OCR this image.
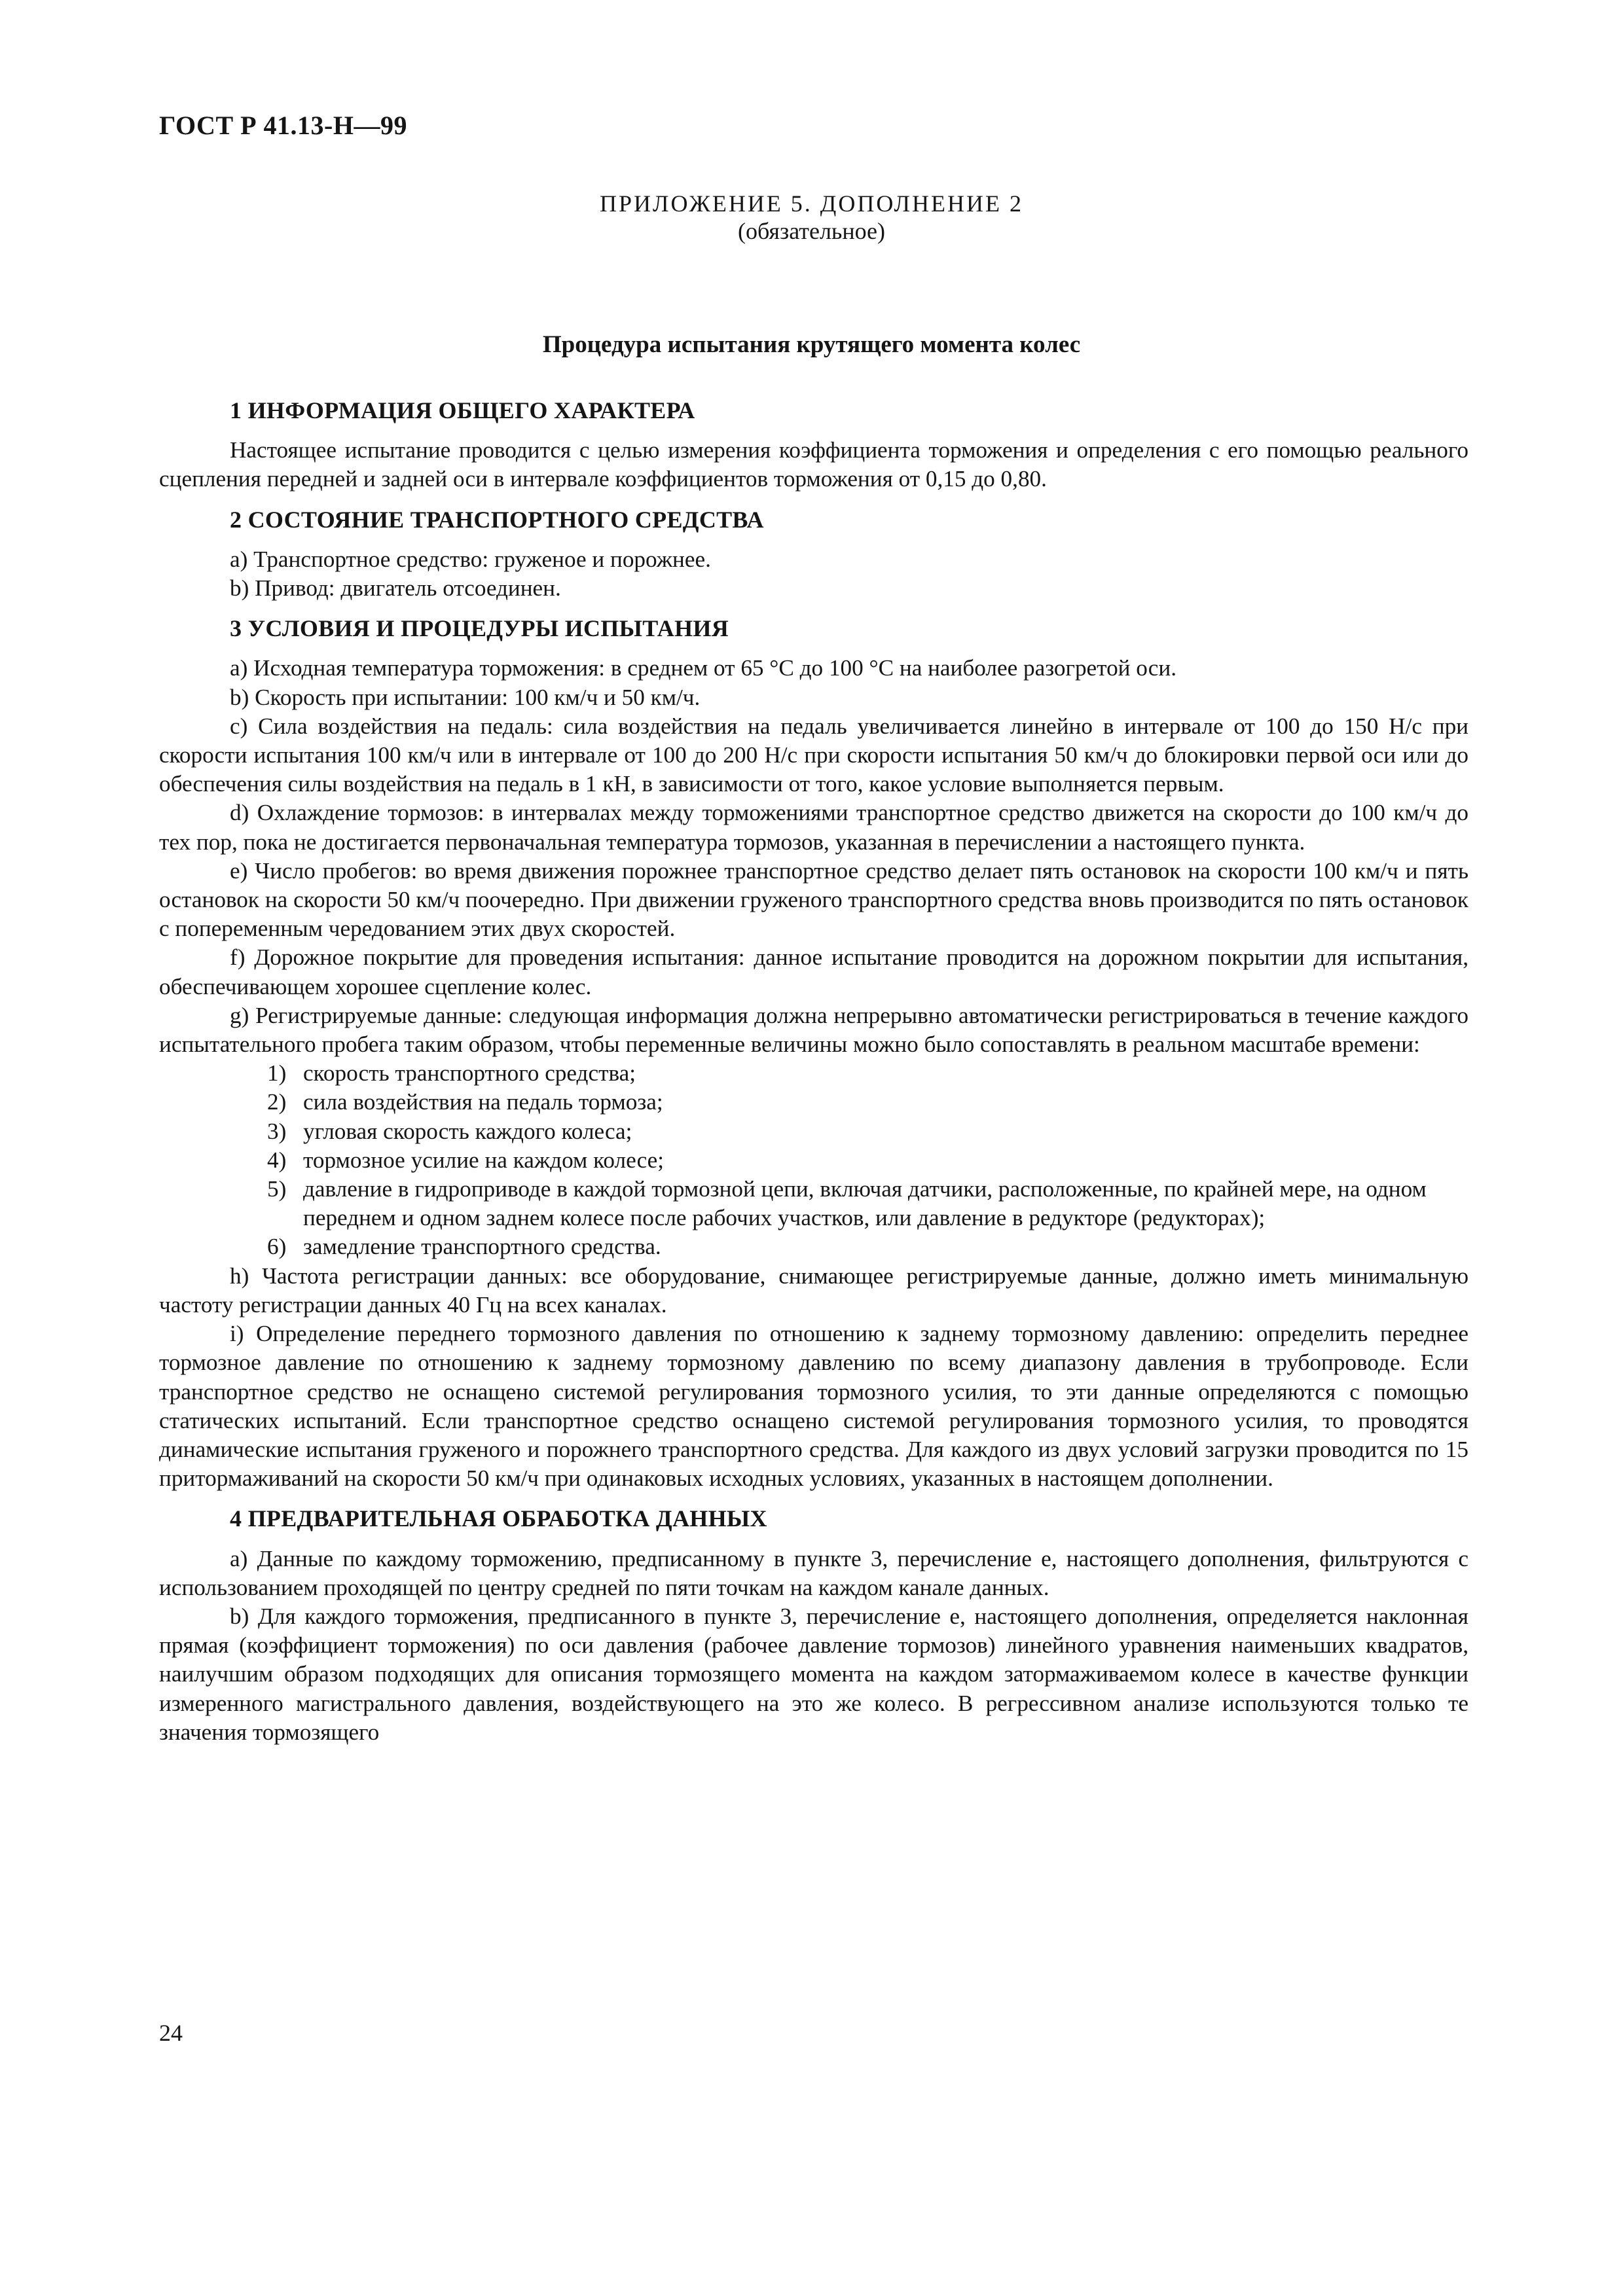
ГОСТ Р 41.13-Н—99
ПРИЛОЖЕНИЕ 5. ДОПОЛНЕНИЕ 2
(обязательное)
Процедура испытания крутящего момента колес
1 ИНФОРМАЦИЯ ОБЩЕГО ХАРАКТЕРА

Настоящее испытание проводится с целью измерения коэффициента торможения и определения с его помощью реального сцепления передней и задней оси в интервале коэффициентов торможения от 0,15 до 0,80.

2 СОСТОЯНИЕ ТРАНСПОРТНОГО СРЕДСТВА

а) Транспортное средство: груженое и порожнее.

b) Привод: двигатель отсоединен.

3 УСЛОВИЯ И ПРОЦЕДУРЫ ИСПЫТАНИЯ

а) Исходная температура торможения: в среднем от 65 °С до 100 °С на наиболее разогретой оси.

b) Скорость при испытании: 100 км/ч и 50 км/ч.

с) Сила воздействия на педаль: сила воздействия на педаль увеличивается линейно в интервале от 100 до 150 Н/с при скорости испытания 100 км/ч или в интервале от 100 до 200 Н/с при скорости испытания 50 км/ч до блокировки первой оси или до обеспечения силы воздействия на педаль в 1 кН, в зависимости от того, какое условие выполняется первым.

d) Охлаждение тормозов: в интервалах между торможениями транспортное средство движется на скорости до 100 км/ч до тех пор, пока не достигается первоначальная температура тормозов, указанная в перечислении а настоящего пункта.

е) Число пробегов: во время движения порожнее транспортное средство делает пять остановок на скорости 100 км/ч и пять остановок на скорости 50 км/ч поочередно. При движении груженого транспортного средства вновь производится по пять остановок с попеременным чередованием этих двух скоростей.

f) Дорожное покрытие для проведения испытания: данное испытание проводится на дорожном покрытии для испытания, обеспечивающем хорошее сцепление колес.

g) Регистрируемые данные: следующая информация должна непрерывно автоматически регистрироваться в течение каждого испытательного пробега таким образом, чтобы переменные величины можно было сопоставлять в реальном масштабе времени:

1) скорость транспортного средства;
2) сила воздействия на педаль тормоза;
3) угловая скорость каждого колеса;
4) тормозное усилие на каждом колесе;
5) давление в гидроприводе в каждой тормозной цепи, включая датчики, расположенные, по крайней мере, на одном переднем и одном заднем колесе после рабочих участков, или давление в редукторе (редукторах);
6) замедление транспортного средства.

h) Частота регистрации данных: все оборудование, снимающее регистрируемые данные, должно иметь минимальную частоту регистрации данных 40 Гц на всех каналах.

i) Определение переднего тормозного давления по отношению к заднему тормозному давлению: определить переднее тормозное давление по отношению к заднему тормозному давлению по всему диапазону давления в трубопроводе. Если транспортное средство не оснащено системой регулирования тормозного усилия, то эти данные определяются с помощью статических испытаний. Если транспортное средство оснащено системой регулирования тормозного усилия, то проводятся динамические испытания груженого и порожнего транспортного средства. Для каждого из двух условий загрузки проводится по 15 притормаживаний на скорости 50 км/ч при одинаковых исходных условиях, указанных в настоящем дополнении.

4 ПРЕДВАРИТЕЛЬНАЯ ОБРАБОТКА ДАННЫХ

а) Данные по каждому торможению, предписанному в пункте 3, перечисление е, настоящего дополнения, фильтруются с использованием проходящей по центру средней по пяти точкам на каждом канале данных.

b) Для каждого торможения, предписанного в пункте 3, перечисление е, настоящего дополнения, определяется наклонная прямая (коэффициент торможения) по оси давления (рабочее давление тормозов) линейного уравнения наименьших квадратов, наилучшим образом подходящих для описания тормозящего момента на каждом затормаживаемом колесе в качестве функции измеренного магистрального давления, воздействующего на это же колесо. В регрессивном анализе используются только те значения тормозящего

24
